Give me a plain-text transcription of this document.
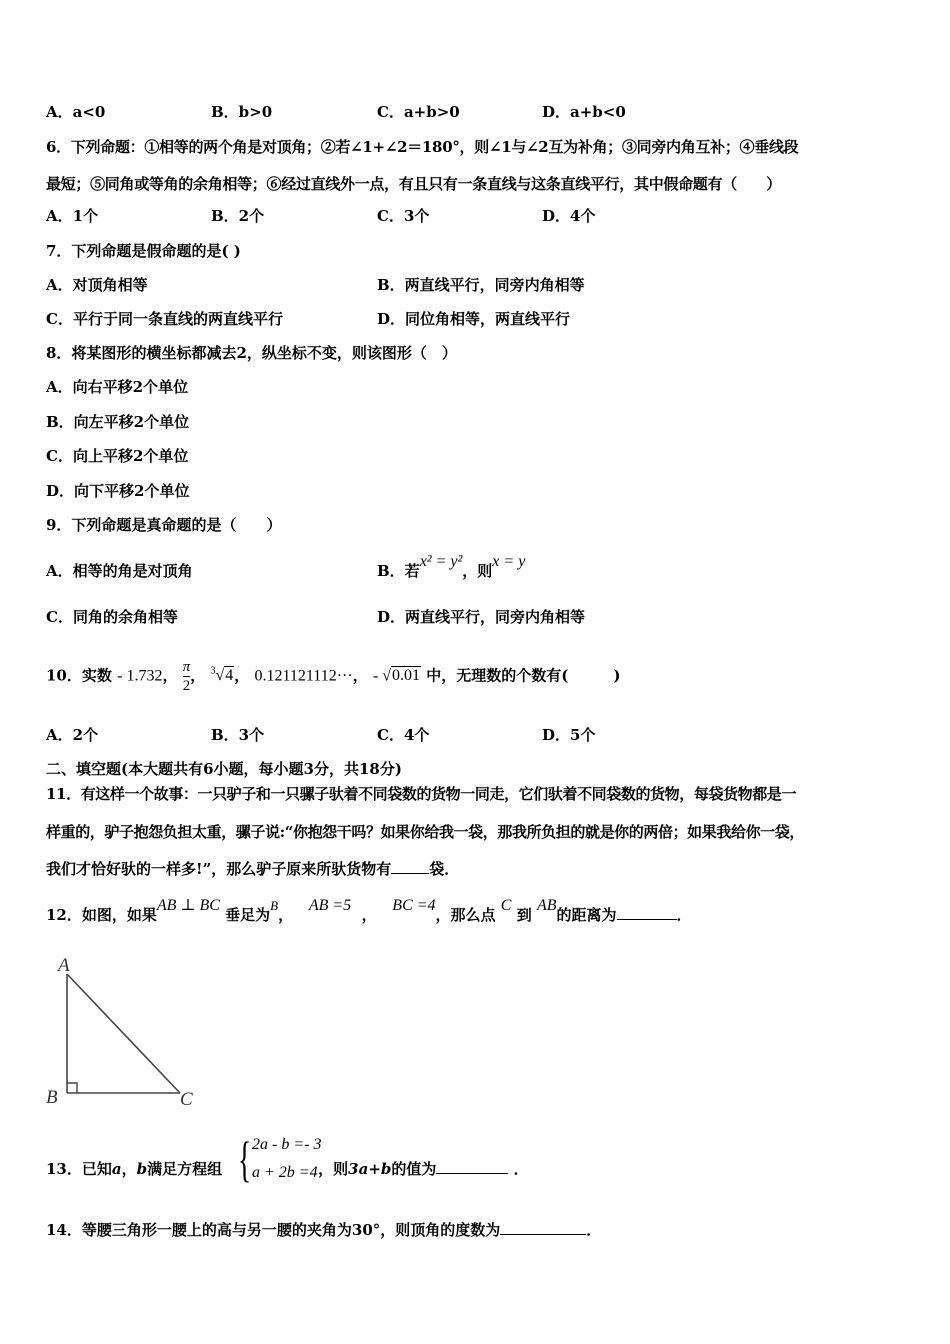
A．a<0	B．b>0	C．a+b>0	D．a+b<0
6．下列命题：①相等的两个角是对顶角；②若∠1+∠2＝180°，则∠1与∠2互为补角；③同旁内角互补；④垂线段
最短；⑤同角或等角的余角相等；⑥经过直线外一点，有且只有一条直线与这条直线平行，其中假命题有（　　）
A．1个	B．2个	C．3个	D．4个
7．下列命题是假命题的是( )
A．对顶角相等	B．两直线平行，同旁内角相等
C．平行于同一条直线的两直线平行	D．同位角相等，两直线平行
8．将某图形的横坐标都减去2，纵坐标不变，则该图形（　）
A．向右平移2个单位
B．向左平移2个单位
C．向上平移2个单位
D．向下平移2个单位
9．下列命题是真命题的是（　　）
A．相等的角是对顶角	B．若x² = y²，则x = y
C．同角的余角相等	D．两直线平行，同旁内角相等
10．实数 - 1.732， $\frac{\pi}{2}$ ， $^3$√4， 0.121121112···， - √0.01 中，无理数的个数有(　　　)
A．2个	B．3个	C．4个	D．5个
二、填空题(本大题共有6小题，每小题3分，共18分)
11．有这样一个故事：一只驴子和一只骡子驮着不同袋数的货物一同走，它们驮着不同袋数的货物，每袋货物都是一
样重的，驴子抱怨负担太重，骡子说:“你抱怨干吗？如果你给我一袋，那我所负担的就是你的两倍；如果我给你一袋，
我们才恰好驮的一样多!”，那么驴子原来所驮货物有	袋．
12．如图，如果AB ⊥ BC 垂足为B，   AB =5  ，   BC =4，那么点 C 到 AB的距离为	．
A
B	C
13．已知a，b满足方程组	，则3a+b的值为	．
{ 2a - b =- 3
a + 2b =4
14．等腰三角形一腰上的高与另一腰的夹角为30°，则顶角的度数为	．
